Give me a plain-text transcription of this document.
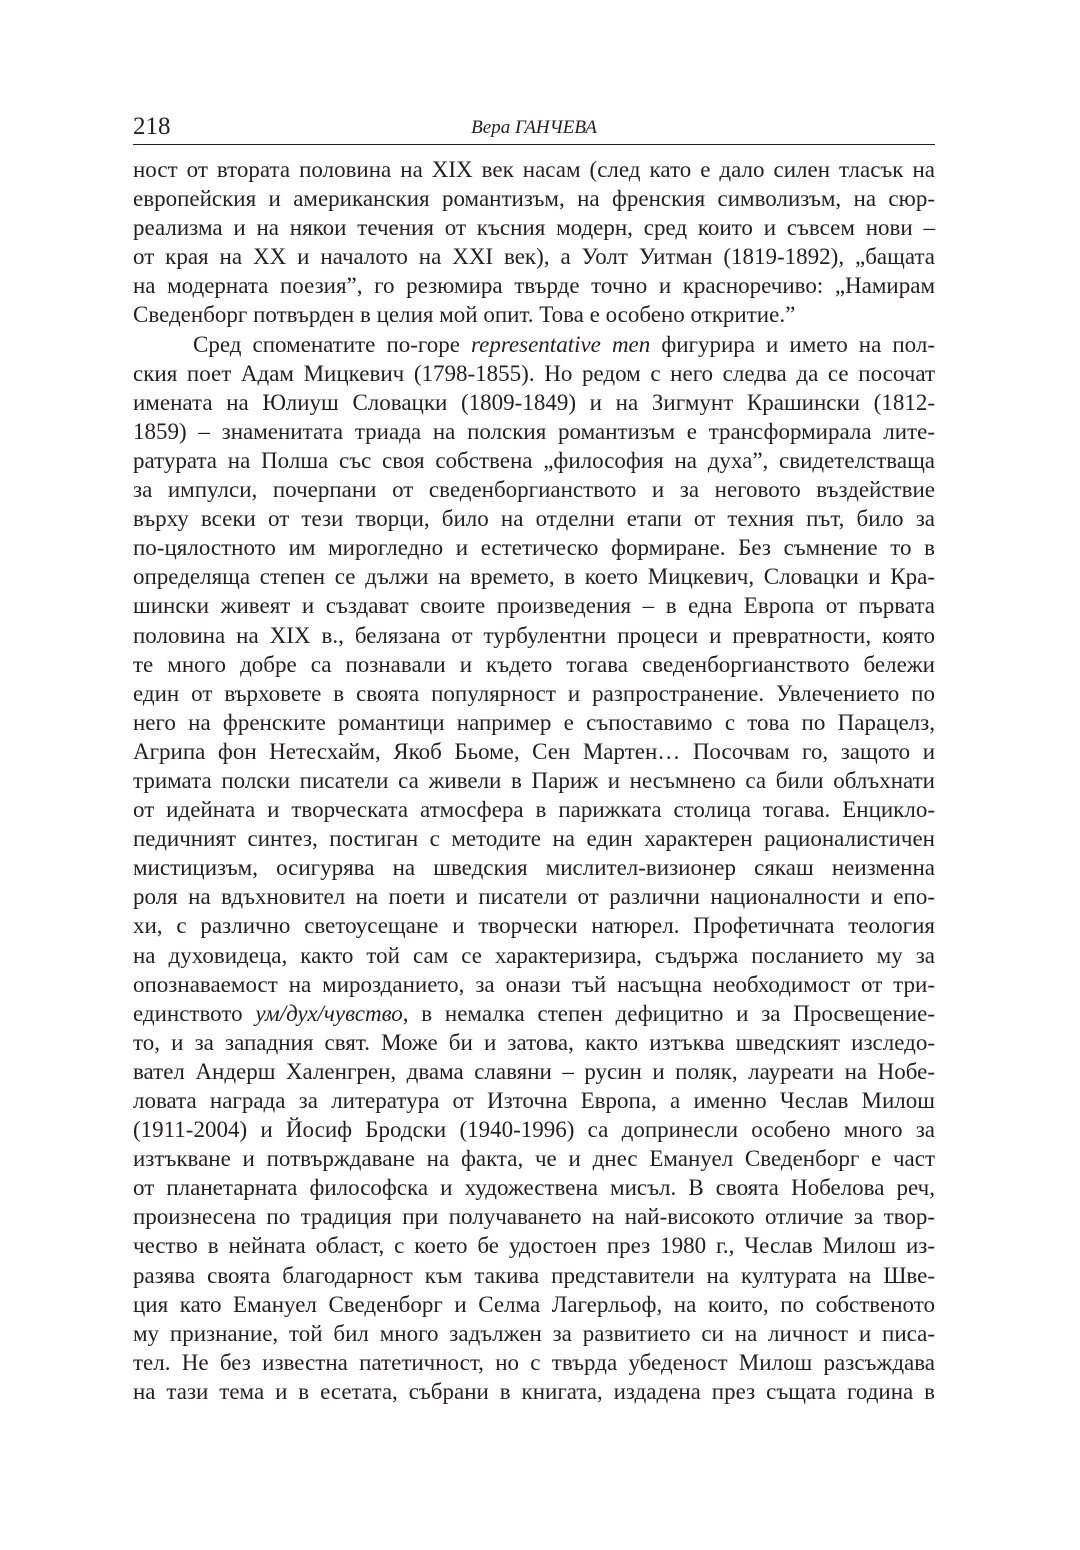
218	Вера ГАНЧЕВА
ност от втората половина на XIX век насам (след като е дало силен тласък на
европейския и американския романтизъм, на френския символизъм, на сюр-
реализма и на някои течения от късния модерн, сред които и съвсем нови –
от края на XX и началото на XXI век), а Уолт Уитман (1819-1892), „бащата
на модерната поезия”, го резюмира твърде точно и красноречиво: „Намирам
Сведенборг потвърден в целия мой опит. Това е особено откритие.”
Сред споменатите по-горе representative men фигурира и името на пол-
ския поет Адам Мицкевич (1798-1855). Но редом с него следва да се посочат
имената на Юлиуш Словацки (1809-1849) и на Зигмунт Крашински (1812-
1859) – знаменитата триада на полския романтизъм е трансформирала лите-
ратурата на Полша със своя собствена „философия на духа”, свидетелстваща
за импулси, почерпани от сведенборгианството и за неговото въздействие
върху всеки от тези творци, било на отделни етапи от техния път, било за
по-цялостното им мирогледно и естетическо формиране. Без съмнение то в
определяща степен се дължи на времето, в което Мицкевич, Словацки и Кра-
шински живеят и създават своите произведения – в една Европа от първата
половина на XIX в., белязана от турбулентни процеси и превратности, която
те много добре са познавали и където тогава сведенборгианството бележи
един от върховете в своята популярност и разпространение. Увлечението по
него на френските романтици например е съпоставимо с това по Парацелз,
Агрипа фон Нетесхайм, Якоб Бьоме, Сен Мартен… Посочвам го, защото и
тримата полски писатели са живели в Париж и несъмнено са били облъхнати
от идейната и творческата атмосфера в парижката столица тогава. Енцикло-
педичният синтез, постиган с методите на един характерен рационалистичен
мистицизъм, осигурява на шведския мислител-визионер сякаш неизменна
роля на вдъхновител на поети и писатели от различни националности и епо-
хи, с различно светоусещане и творчески натюрел. Профетичната теология
на духовидеца, както той сам се характеризира, съдържа посланието му за
опознаваемост на мирозданието, за онази тъй насъщна необходимост от три-
единството ум/дух/чувство, в немалка степен дефицитно и за Просвещение-
то, и за западния свят. Може би и затова, както изтъква шведският изследо-
вател Андерш Халенгрен, двама славяни – русин и поляк, лауреати на Нобе-
ловата награда за литература от Източна Европа, а именно Чеслав Милош
(1911-2004) и Йосиф Бродски (1940-1996) са допринесли особено много за
изтъкване и потвърждаване на факта, че и днес Емануел Сведенборг е част
от планетарната философска и художествена мисъл. В своята Нобелова реч,
произнесена по традиция при получаването на най-високото отличие за твор-
чество в нейната област, с което бе удостоен през 1980 г., Чеслав Милош из-
разява своята благодарност към такива представители на културата на Шве-
ция като Емануел Сведенборг и Селма Лагерльоф, на които, по собственото
му признание, той бил много задължен за развитието си на личност и писа-
тел. Не без известна патетичност, но с твърда убеденост Милош разсъждава
на тази тема и в есетата, събрани в книгата, издадена през същата година в
